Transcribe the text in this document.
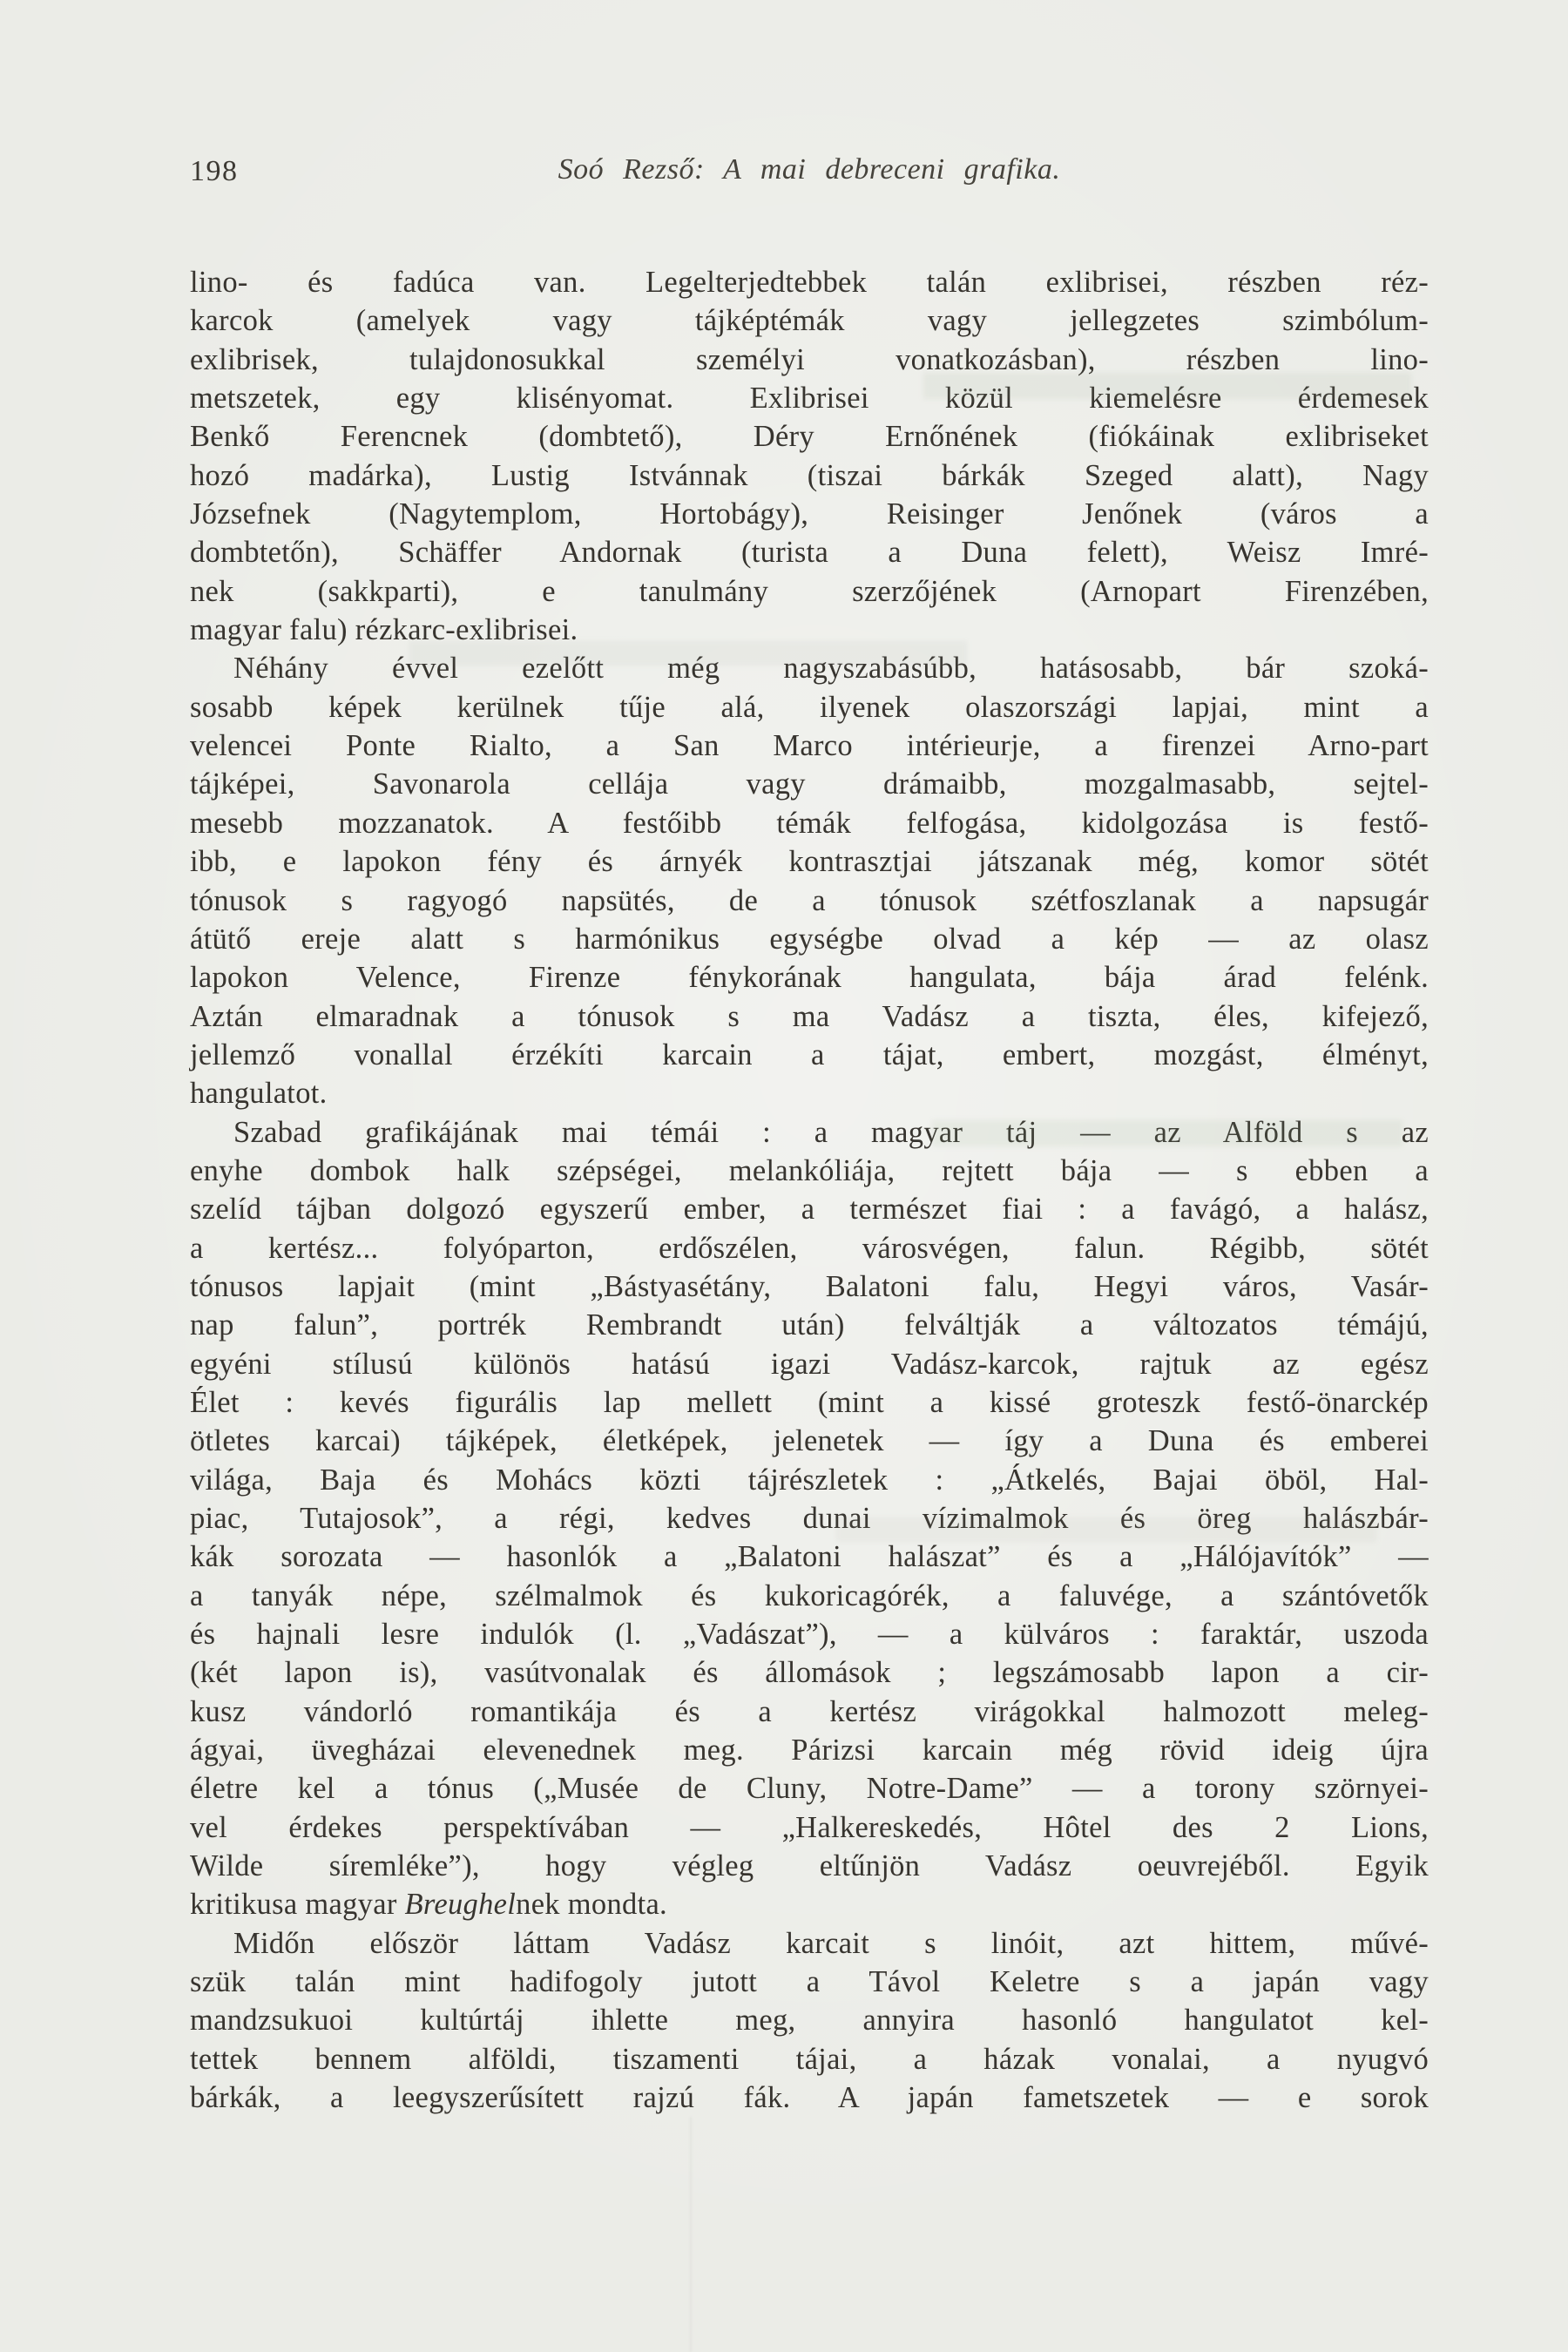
198	Soó Rezső: A mai debreceni grafika.
lino- és fadúca van. Legelterjedtebbek talán exlibrisei, részben réz-
karcok (amelyek vagy tájképtémák vagy jellegzetes szimbólum-
exlibrisek, tulajdonosukkal személyi vonatkozásban), részben lino-
metszetek, egy klisényomat. Exlibrisei közül kiemelésre érdemesek
Benkő Ferencnek (dombtető), Déry Ernőnének (fiókáinak exlibriseket
hozó madárka), Lustig Istvánnak (tiszai bárkák Szeged alatt), Nagy
Józsefnek (Nagytemplom, Hortobágy), Reisinger Jenőnek (város a
dombtetőn), Schäffer Andornak (turista a Duna felett), Weisz Imré-
nek (sakkparti), e tanulmány szerzőjének (Arnopart Firenzében,
magyar falu) rézkarc-exlibrisei.
Néhány évvel ezelőtt még nagyszabásúbb, hatásosabb, bár szoká-
sosabb képek kerülnek tűje alá, ilyenek olaszországi lapjai, mint a
velencei Ponte Rialto, a San Marco intérieurje, a firenzei Arno-part
tájképei, Savonarola cellája vagy drámaibb, mozgalmasabb, sejtel-
mesebb mozzanatok. A festőibb témák felfogása, kidolgozása is festő-
ibb, e lapokon fény és árnyék kontrasztjai játszanak még, komor sötét
tónusok s ragyogó napsütés, de a tónusok szétfoszlanak a napsugár
átütő ereje alatt s harmónikus egységbe olvad a kép — az olasz
lapokon Velence, Firenze fénykorának hangulata, bája árad felénk.
Aztán elmaradnak a tónusok s ma Vadász a tiszta, éles, kifejező,
jellemző vonallal érzékíti karcain a tájat, embert, mozgást, élményt,
hangulatot.
Szabad grafikájának mai témái : a magyar táj — az Alföld s az
enyhe dombok halk szépségei, melankóliája, rejtett bája — s ebben a
szelíd tájban dolgozó egyszerű ember, a természet fiai : a favágó, a halász,
a kertész... folyóparton, erdőszélen, városvégen, falun. Régibb, sötét
tónusos lapjait (mint „Bástyasétány, Balatoni falu, Hegyi város, Vasár-
nap falun”, portrék Rembrandt után) felváltják a változatos témájú,
egyéni stílusú különös hatású igazi Vadász-karcok, rajtuk az egész
Élet : kevés figurális lap mellett (mint a kissé groteszk festő-önarckép
ötletes karcai) tájképek, életképek, jelenetek — így a Duna és emberei
világa, Baja és Mohács közti tájrészletek : „Átkelés, Bajai öböl, Hal-
piac, Tutajosok”, a régi, kedves dunai vízimalmok és öreg halászbár-
kák sorozata — hasonlók a „Balatoni halászat” és a „Hálójavítók” —
a tanyák népe, szélmalmok és kukoricagórék, a faluvége, a szántóvetők
és hajnali lesre indulók (l. „Vadászat”), — a külváros : faraktár, uszoda
(két lapon is), vasútvonalak és állomások ; legszámosabb lapon a cir-
kusz vándorló romantikája és a kertész virágokkal halmozott meleg-
ágyai, üvegházai elevenednek meg. Párizsi karcain még rövid ideig újra
életre kel a tónus („Musée de Cluny, Notre-Dame” — a torony szörnyei-
vel érdekes perspektívában — „Halkereskedés, Hôtel des 2 Lions,
Wilde síremléke”), hogy végleg eltűnjön Vadász oeuvrejéből. Egyik
kritikusa magyar Breughelnek mondta.
Midőn először láttam Vadász karcait s linóit, azt hittem, művé-
szük talán mint hadifogoly jutott a Távol Keletre s a japán vagy
mandzsukuoi kultúrtáj ihlette meg, annyira hasonló hangulatot kel-
tettek bennem alföldi, tiszamenti tájai, a házak vonalai, a nyugvó
bárkák, a leegyszerűsített rajzú fák. A japán fametszetek — e sorok
